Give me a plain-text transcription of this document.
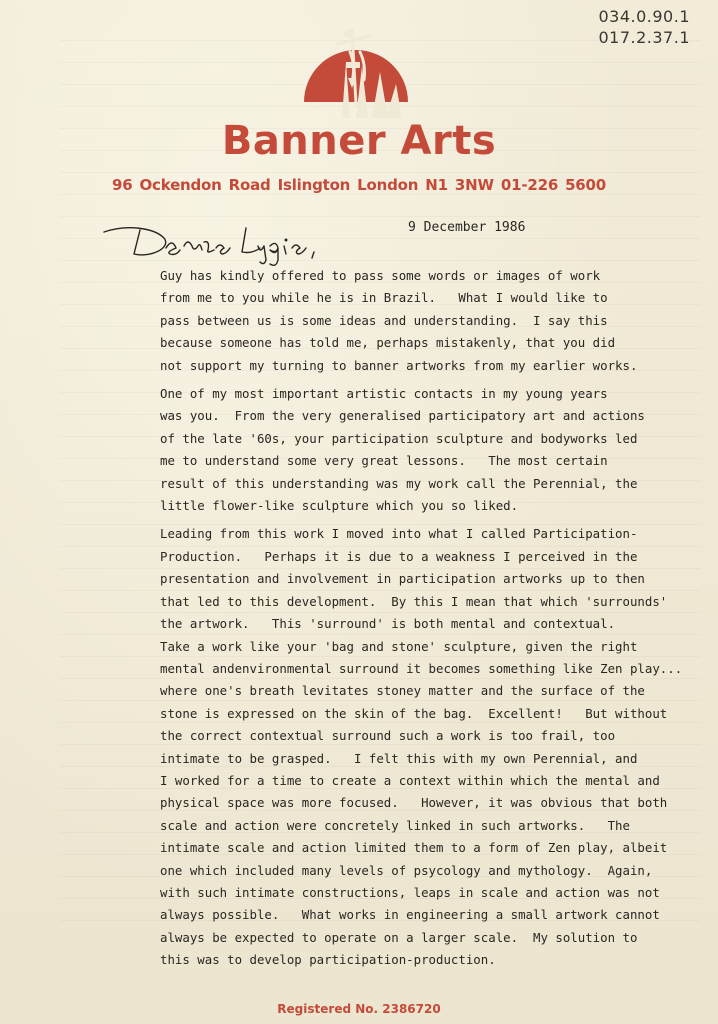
034.0.90.1
017.2.37.1
Banner Arts
96 Ockendon Road Islington London N1 3NW 01-226 5600
9 December 1986
Guy has kindly offered to pass some words or images of work
from me to you while he is in Brazil.   What I would like to
pass between us is some ideas and understanding.  I say this
because someone has told me, perhaps mistakenly, that you did
not support my turning to banner artworks from my earlier works.
One of my most important artistic contacts in my young years
was you.  From the very generalised participatory art and actions
of the late '60s, your participation sculpture and bodyworks led
me to understand some very great lessons.   The most certain
result of this understanding was my work call the Perennial, the
little flower-like sculpture which you so liked.
Leading from this work I moved into what I called Participation-
Production.   Perhaps it is due to a weakness I perceived in the
presentation and involvement in participation artworks up to then
that led to this development.  By this I mean that which 'surrounds'
the artwork.   This 'surround' is both mental and contextual.
Take a work like your 'bag and stone' sculpture, given the right
mental andenvironmental surround it becomes something like Zen play...
where one's breath levitates stoney matter and the surface of the
stone is expressed on the skin of the bag.  Excellent!   But without
the correct contextual surround such a work is too frail, too
intimate to be grasped.   I felt this with my own Perennial, and
I worked for a time to create a context within which the mental and
physical space was more focused.   However, it was obvious that both
scale and action were concretely linked in such artworks.   The
intimate scale and action limited them to a form of Zen play, albeit
one which included many levels of psycology and mythology.  Again,
with such intimate constructions, leaps in scale and action was not
always possible.   What works in engineering a small artwork cannot
always be expected to operate on a larger scale.  My solution to
this was to develop participation-production.
Registered No. 2386720
